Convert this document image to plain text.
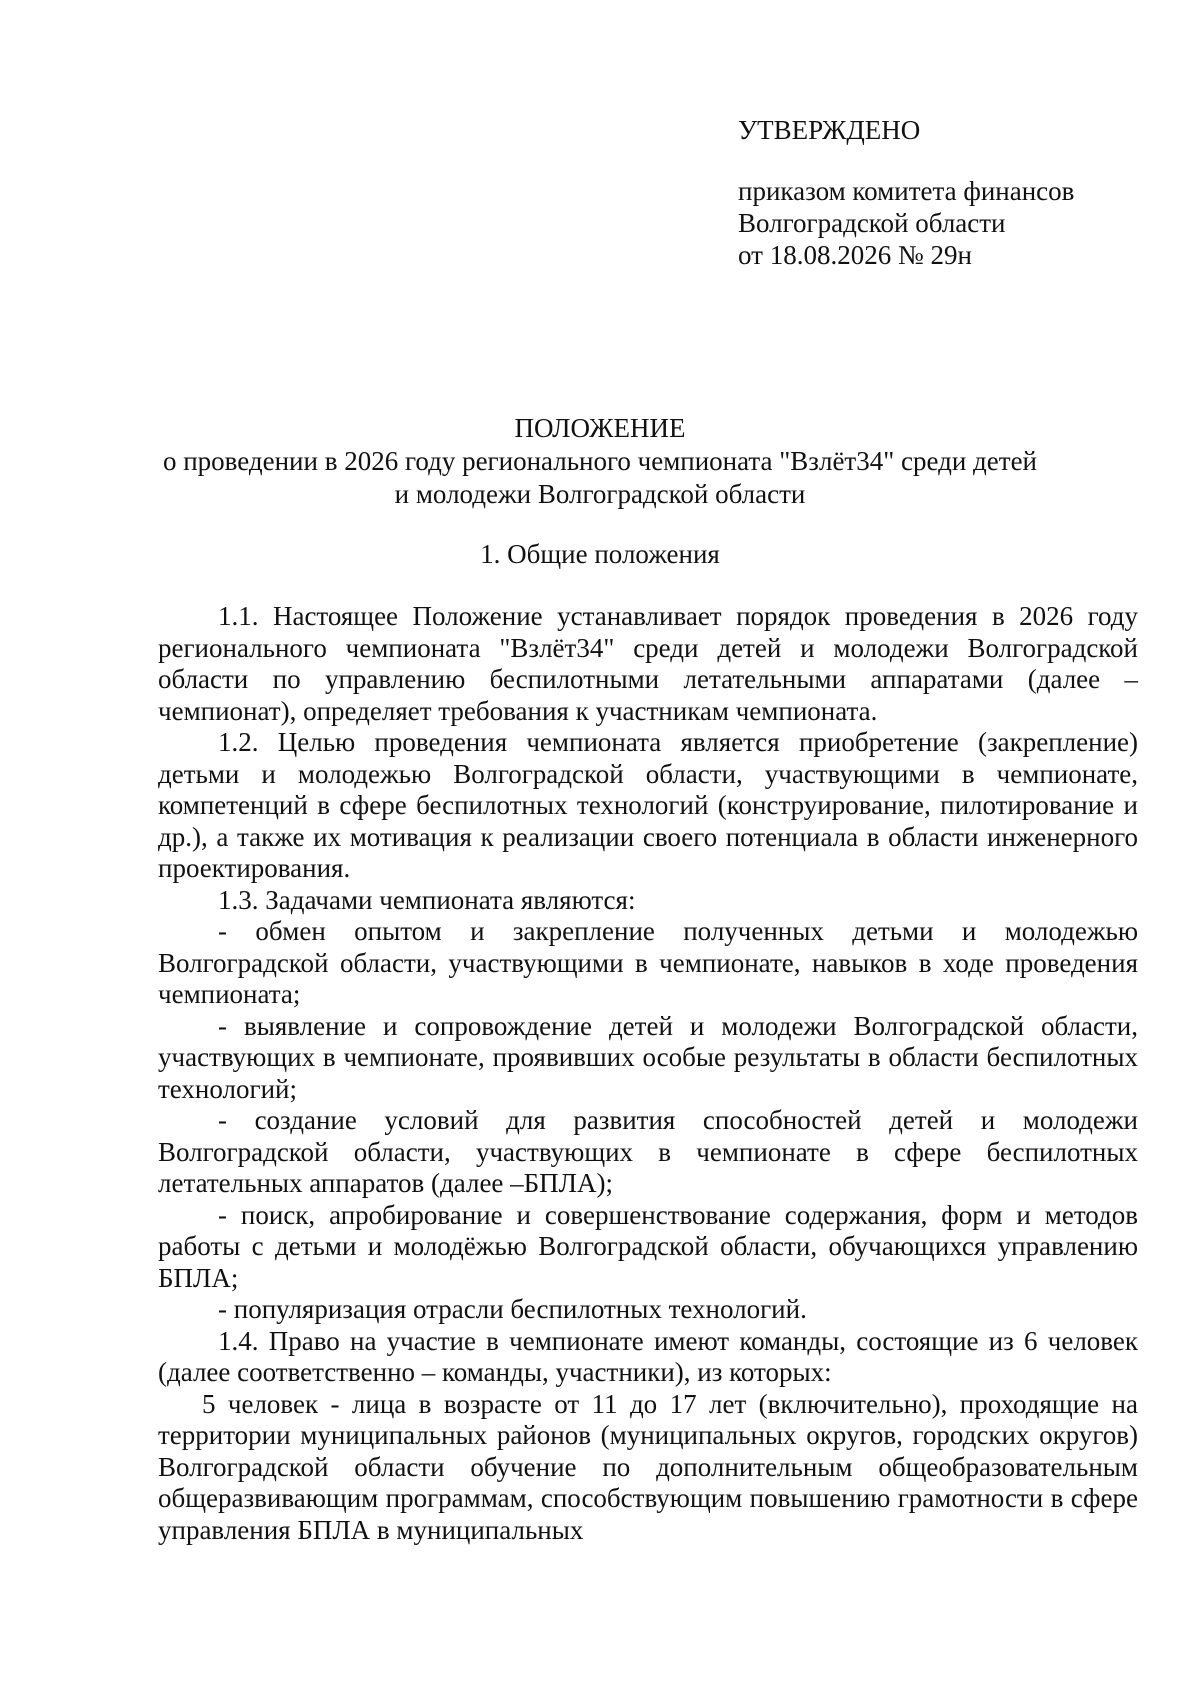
УТВЕРЖДЕНО
приказом комитета финансов
Волгоградской области
от 18.08.2026 № 29н
ПОЛОЖЕНИЕ
о проведении в 2026 году регионального чемпионата "Взлёт34" среди детей и молодежи Волгоградской области
1. Общие положения

1.1. Настоящее Положение устанавливает порядок проведения в 2026 году регионального чемпионата "Взлёт34" среди детей и молодежи Волгоградской области по управлению беспилотными летательными аппаратами (далее – чемпионат), определяет требования к участникам чемпионата.

1.2. Целью проведения чемпионата является приобретение (закрепление) детьми и молодежью Волгоградской области, участвующими в чемпионате, компетенций в сфере беспилотных технологий (конструирование, пилотирование и др.), а также их мотивация к реализации своего потенциала в области инженерного проектирования.

1.3. Задачами чемпионата являются:

- обмен опытом и закрепление полученных детьми и молодежью Волгоградской области, участвующими в чемпионате, навыков в ходе проведения чемпионата;

- выявление и сопровождение детей и молодежи Волгоградской области, участвующих в чемпионате, проявивших особые результаты в области беспилотных технологий;

- создание условий для развития способностей детей и молодежи Волгоградской области, участвующих в чемпионате в сфере беспилотных летательных аппаратов (далее –БПЛА);

- поиск, апробирование и совершенствование содержания, форм и методов работы с детьми и молодёжью Волгоградской области, обучающихся управлению БПЛА;

- популяризация отрасли беспилотных технологий.

1.4. Право на участие в чемпионате имеют команды, состоящие из 6 человек (далее соответственно – команды, участники), из которых:

5 человек - лица в возрасте от 11 до 17 лет (включительно), проходящие на территории муниципальных районов (муниципальных округов, городских округов) Волгоградской области обучение по дополнительным общеобразовательным общеразвивающим программам, способствующим повышению грамотности в сфере управления БПЛА в муниципальных
